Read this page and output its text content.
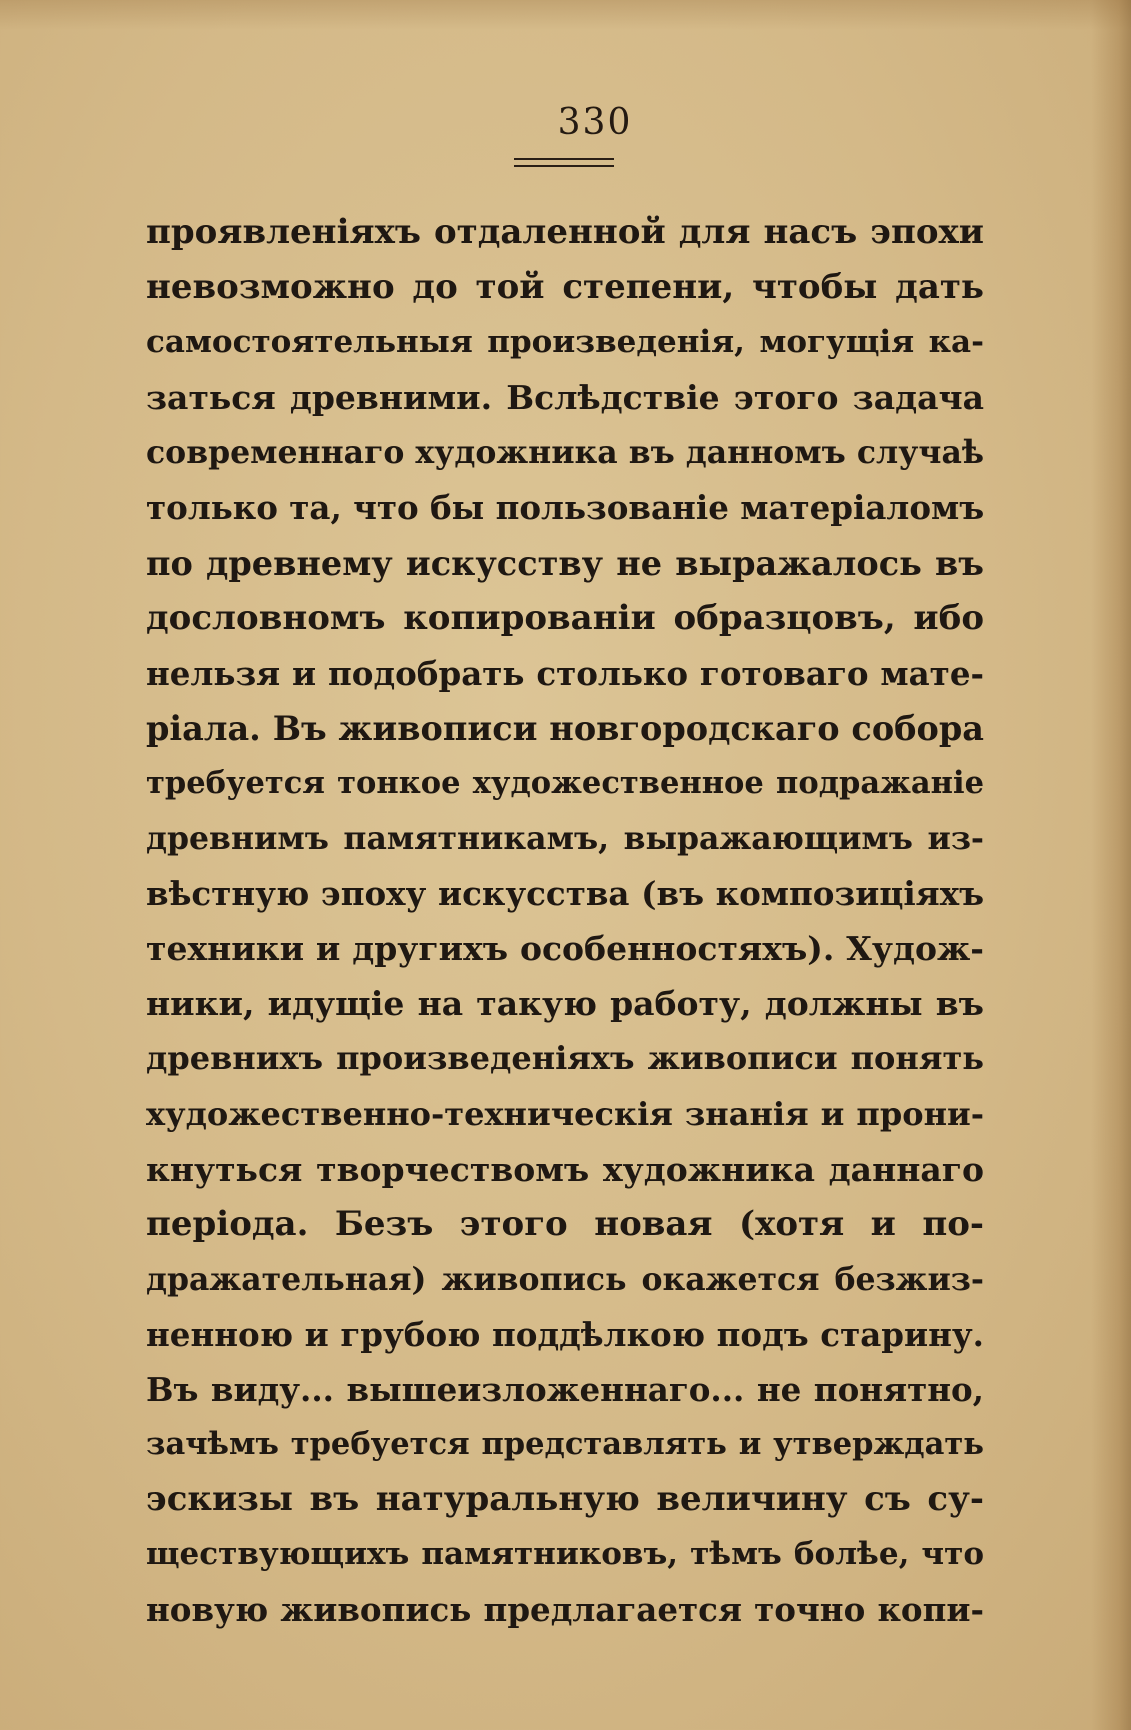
330
проявленіяхъ отдаленной для насъ эпохи
невозможно до той степени, чтобы дать
самостоятельныя произведенія, могущія ка-
заться древними. Вслѣдствіе этого задача
современнаго художника въ данномъ случаѣ
только та, что бы пользованіе матеріаломъ
по древнему искусству не выражалось въ
дословномъ копированіи образцовъ, ибо
нельзя и подобрать столько готоваго мате-
ріала. Въ живописи новгородскаго собора
требуется тонкое художественное подражаніе
древнимъ памятникамъ, выражающимъ из-
вѣстную эпоху искусства (въ композиціяхъ
техники и другихъ особенностяхъ). Худож-
ники, идущіе на такую работу, должны въ
древнихъ произведеніяхъ живописи понять
художественно-техническія знанія и прони-
кнуться творчествомъ художника даннаго
періода. Безъ этого новая (хотя и по-
дражательная) живопись окажется безжиз-
ненною и грубою поддѣлкою подъ старину.
Въ виду... вышеизложеннаго... не понятно,
зачѣмъ требуется представлять и утверждать
эскизы въ натуральную величину съ су-
ществующихъ памятниковъ, тѣмъ болѣе, что
новую живопись предлагается точно копи-
